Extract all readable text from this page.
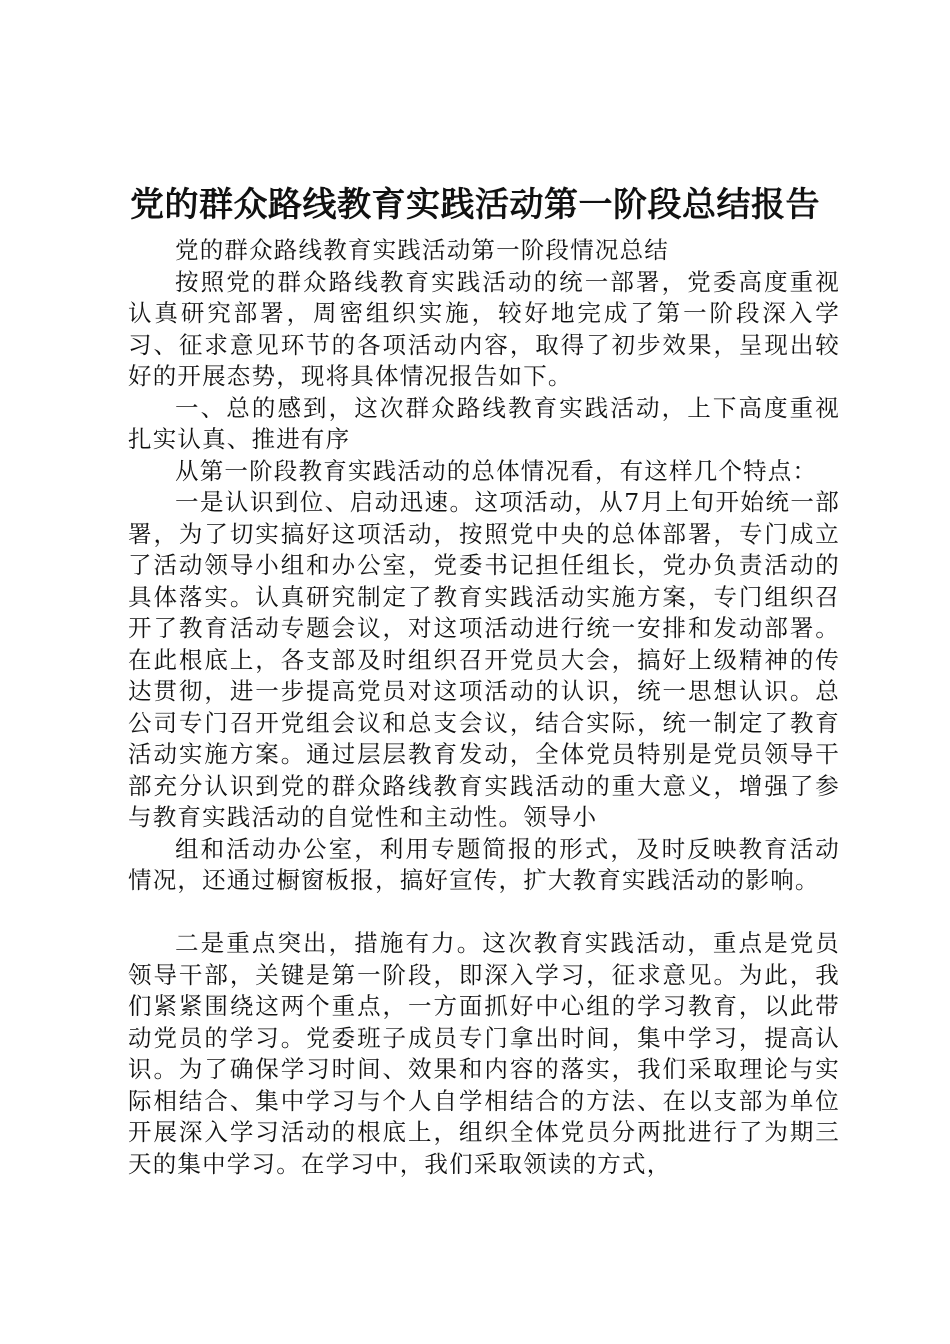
党的群众路线教育实践活动第一阶段总结报告

党的群众路线教育实践活动第一阶段情况总结

按照党的群众路线教育实践活动的统一部署，党委高度重视认真研究部署，周密组织实施，较好地完成了第一阶段深入学习、征求意见环节的各项活动内容，取得了初步效果，呈现出较好的开展态势，现将具体情况报告如下。

一、总的感到，这次群众路线教育实践活动，上下高度重视扎实认真、推进有序

从第一阶段教育实践活动的总体情况看，有这样几个特点：

一是认识到位、启动迅速。这项活动，从7月上旬开始统一部署，为了切实搞好这项活动，按照党中央的总体部署，专门成立了活动领导小组和办公室，党委书记担任组长，党办负责活动的具体落实。认真研究制定了教育实践活动实施方案，专门组织召开了教育活动专题会议，对这项活动进行统一安排和发动部署。在此根底上，各支部及时组织召开党员大会，搞好上级精神的传达贯彻，进一步提高党员对这项活动的认识，统一思想认识。总公司专门召开党组会议和总支会议，结合实际，统一制定了教育活动实施方案。通过层层教育发动，全体党员特别是党员领导干部充分认识到党的群众路线教育实践活动的重大意义，增强了参与教育实践活动的自觉性和主动性。领导小

组和活动办公室，利用专题简报的形式，及时反映教育活动情况，还通过橱窗板报，搞好宣传，扩大教育实践活动的影响。

二是重点突出，措施有力。这次教育实践活动，重点是党员领导干部，关键是第一阶段，即深入学习，征求意见。为此，我们紧紧围绕这两个重点，一方面抓好中心组的学习教育，以此带动党员的学习。党委班子成员专门拿出时间，集中学习，提高认识。为了确保学习时间、效果和内容的落实，我们采取理论与实际相结合、集中学习与个人自学相结合的方法、在以支部为单位开展深入学习活动的根底上，组织全体党员分两批进行了为期三天的集中学习。在学习中，我们采取领读的方式，
